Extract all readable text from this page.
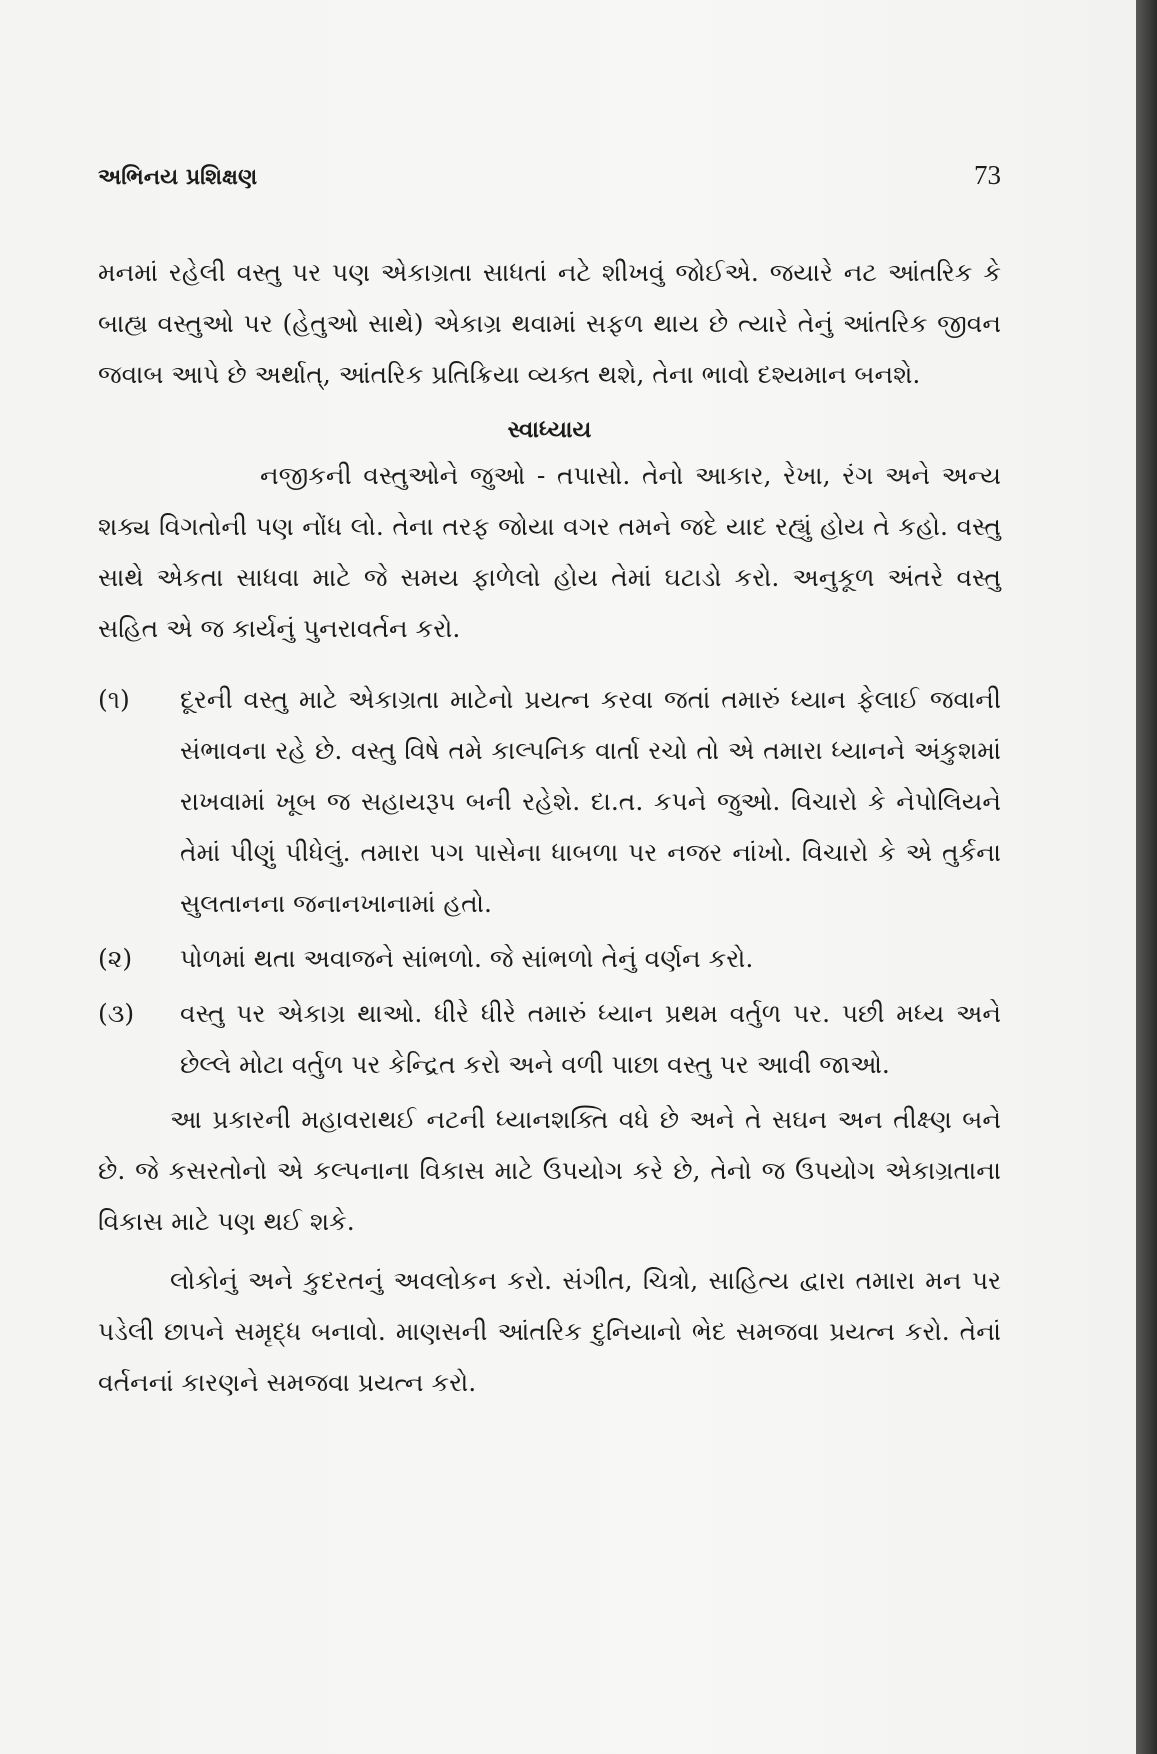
અભિનય પ્રશિક્ષણ	73

મનમાં રહેલી વસ્તુ પર પણ એકાગ્રતા સાધતાં નટે શીખવું જોઈએ. જયારે નટ આંતરિક કે બાહ્ય વસ્તુઓ પર (હેતુઓ સાથે) એકાગ્ર થવામાં સફળ થાય છે ત્યારે તેનું આંતરિક જીવન જવાબ આપે છે અર્થાત્, આંતરિક પ્રતિક્રિયા વ્યક્ત થશે, તેના ભાવો દશ્યમાન બનશે.

સ્વાધ્યાય

નજીકની વસ્તુઓને જુઓ - તપાસો. તેનો આકાર, રેખા, રંગ અને અન્ય શક્ય વિગતોની પણ નોંધ લો. તેના તરફ જોયા વગર તમને જદે યાદ રહ્યું હોય તે કહો. વસ્તુ સાથે એકતા સાધવા માટે જે સમય ફાળેલો હોય તેમાં ઘટાડો કરો. અનુકૂળ અંતરે વસ્તુ સહિત એ જ કાર્યનું પુનરાવર્તન કરો.

(૧)	દૂરની વસ્તુ માટે એકાગ્રતા માટેનો પ્રયત્ન કરવા જતાં તમારું ધ્યાન ફેલાઈ જવાની સંભાવના રહે છે. વસ્તુ વિષે તમે કાલ્પનિક વાર્તા રચો તો એ તમારા ધ્યાનને અંકુશમાં રાખવામાં ખૂબ જ સહાયરૂપ બની રહેશે. દા.ત. કપને જુઓ. વિચારો કે નેપોલિયને તેમાં પીણું પીધેલું. તમારા પગ પાસેના ધાબળા પર નજર નાંખો. વિચારો કે એ તુર્કના સુલતાનના જનાનખાનામાં હતો.
(૨)	પોળમાં થતા અવાજને સાંભળો. જે સાંભળો તેનું વર્ણન કરો.
(૩)	વસ્તુ પર એકાગ્ર થાઓ. ધીરે ધીરે તમારું ધ્યાન પ્રથમ વર્તુળ પર. પછી મધ્ય અને છેલ્લે મોટા વર્તુળ પર કેન્દ્રિત કરો અને વળી પાછા વસ્તુ પર આવી જાઓ.

આ પ્રકારની મહાવરાથઈ નટની ધ્યાનશક્તિ વધે છે અને તે સઘન અન તીક્ષ્ણ બને છે. જે કસરતોનો એ કલ્પનાના વિકાસ માટે ઉપયોગ કરે છે, તેનો જ ઉપયોગ એકાગ્રતાના વિકાસ માટે પણ થઈ શકે.

લોકોનું અને કુદરતનું અવલોકન કરો. સંગીત, ચિત્રો, સાહિત્ય દ્વારા તમારા મન પર પડેલી છાપને સમૃદ્ધ બનાવો. માણસની આંતરિક દુનિયાનો ભેદ સમજવા પ્રયત્ન કરો. તેનાં વર્તનનાં કારણને સમજવા પ્રયત્ન કરો.
